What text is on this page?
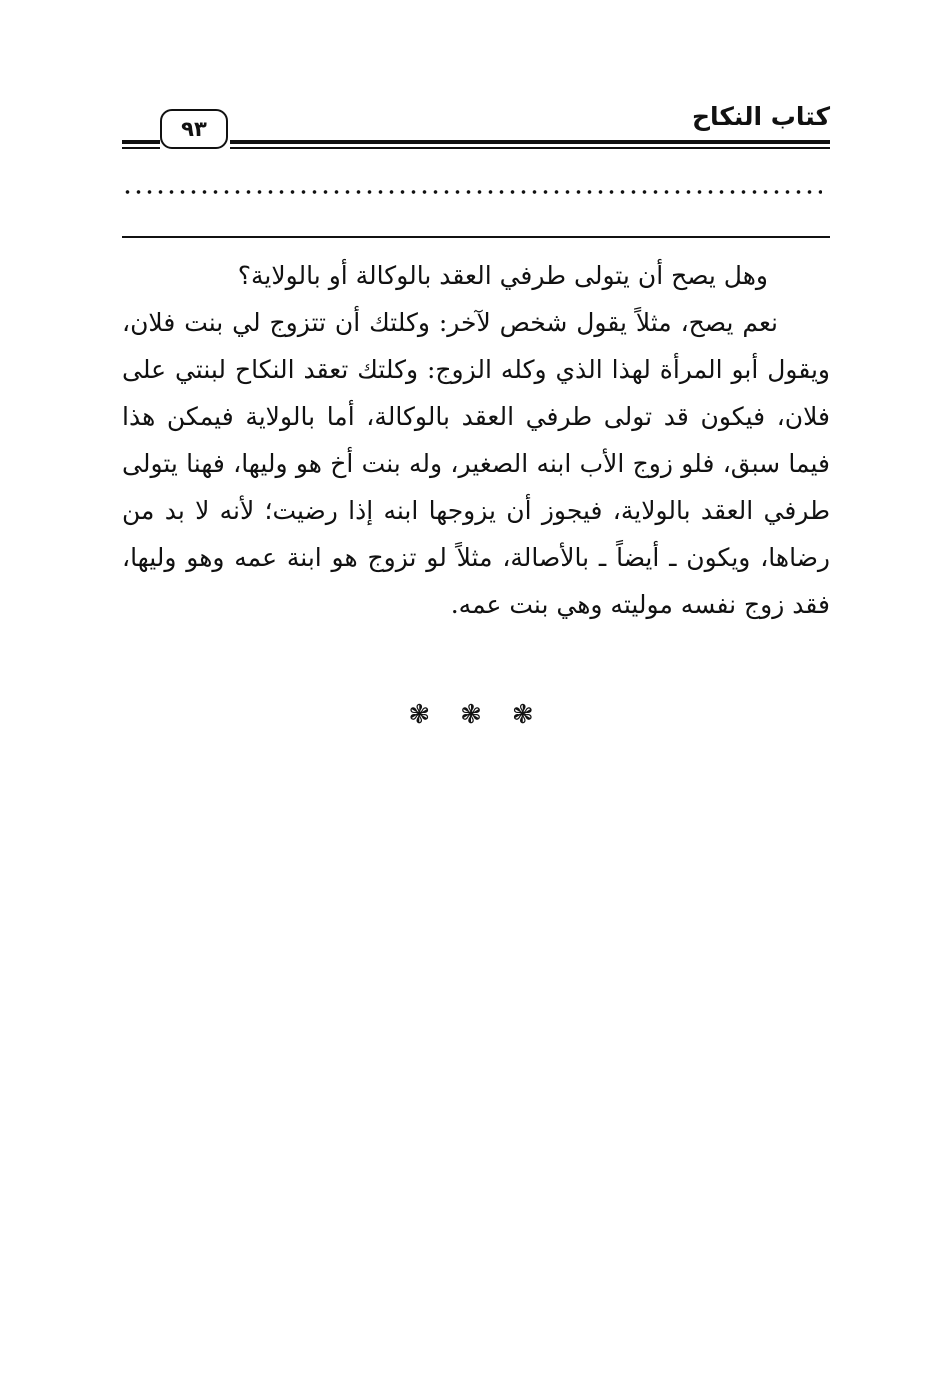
٩٣	كتاب النكاح

وهل يصح أن يتولى طرفي العقد بالوكالة أو بالولاية؟

نعم يصح، مثلاً يقول شخص لآخر: وكلتك أن تتزوج لي بنت فلان، ويقول أبو المرأة لهذا الذي وكله الزوج: وكلتك تعقد النكاح لبنتي على فلان، فيكون قد تولى طرفي العقد بالوكالة، أما بالولاية فيمكن هذا فيما سبق، فلو زوج الأب ابنه الصغير، وله بنت أخ هو وليها، فهنا يتولى طرفي العقد بالولاية، فيجوز أن يزوجها ابنه إذا رضيت؛ لأنه لا بد من رضاها، ويكون ـ أيضاً ـ بالأصالة، مثلاً لو تزوج هو ابنة عمه وهو وليها، فقد زوج نفسه موليته وهي بنت عمه.

❃
❃
❃
